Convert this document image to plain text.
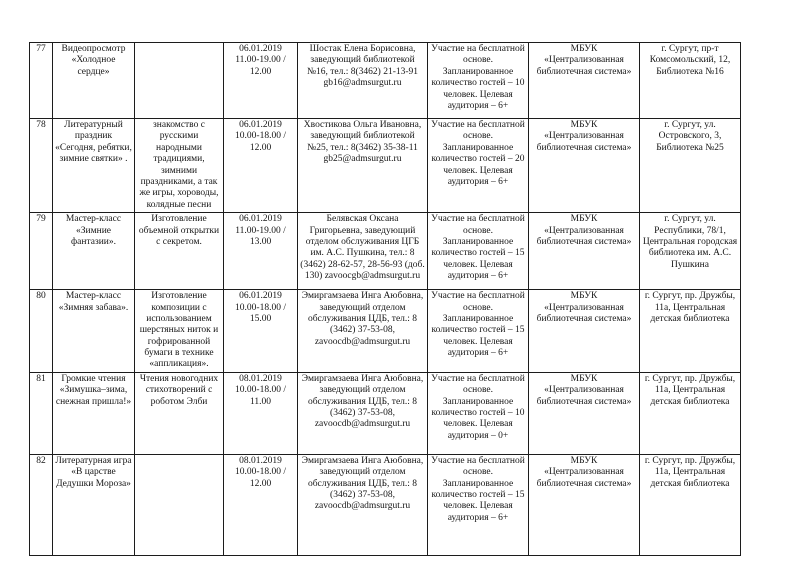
77	Видеопросмотр «Холодное сердце»		06.01.2019 11.00-19.00 / 12.00	Шостак Елена Борисовна, заведующий библиотекой №16, тел.: 8(3462) 21-13-91 gb16@admsurgut.ru	Участие на бесплатной основе. Запланированное количество гостей – 10 человек. Целевая аудитория – 6+	МБУК «Централизованная библиотечная система»	г. Сургут, пр-т Комсомольский, 12, Библиотека №16
78	Литературный праздник «Сегодня, ребятки, зимние святки» .	знакомство с русскими народными традициями, зимними праздниками, а так же игры, хороводы, колядные песни	06.01.2019 10.00-18.00 / 12.00	Хвостикова Ольга Ивановна, заведующий библиотекой №25, тел.: 8(3462) 35-38-11 gb25@admsurgut.ru	Участие на бесплатной основе. Запланированное количество гостей – 20 человек. Целевая аудитория – 6+	МБУК «Централизованная библиотечная система»	г. Сургут, ул. Островского, 3, Библиотека №25
79	Мастер-класс «Зимние фантазии».	Изготовление объемной открытки с секретом.	06.01.2019 11.00-19.00 / 13.00	Белявская Оксана Григорьевна, заведующий отделом обслуживания ЦГБ им. А.С. Пушкина, тел.: 8 (3462) 28-62-57, 28-56-93 (доб. 130) zavoocgb@admsurgut.ru	Участие на бесплатной основе. Запланированное количество гостей – 15 человек. Целевая аудитория – 6+	МБУК «Централизованная библиотечная система»	г. Сургут, ул. Республики, 78/1, Центральная городская библиотека им. А.С. Пушкина
80	Мастер-класс «Зимняя забава».	Изготовление композиции с использованием шерстяных ниток и гофрированной бумаги в технике «аппликация».	06.01.2019 10.00-18.00 / 15.00	Эмиргамзаева Инга Аюбовна, заведующий отделом обслуживания ЦДБ, тел.: 8 (3462) 37-53-08, zavoocdb@admsurgut.ru	Участие на бесплатной основе. Запланированное количество гостей – 15 человек. Целевая аудитория – 6+	МБУК «Централизованная библиотечная система»	г. Сургут, пр. Дружбы, 11а, Центральная детская библиотека
81	Громкие чтения «Зимушка–зима, снежная пришла!»	Чтения новогодних стихотворений с роботом Элби	08.01.2019 10.00-18.00 / 11.00	Эмиргамзаева Инга Аюбовна, заведующий отделом обслуживания ЦДБ, тел.: 8 (3462) 37-53-08, zavoocdb@admsurgut.ru	Участие на бесплатной основе. Запланированное количество гостей – 10 человек. Целевая аудитория – 0+	МБУК «Централизованная библиотечная система»	г. Сургут, пр. Дружбы, 11а, Центральная детская библиотека
82	Литературная игра «В царстве Дедушки Мороза»		08.01.2019 10.00-18.00 / 12.00	Эмиргамзаева Инга Аюбовна, заведующий отделом обслуживания ЦДБ, тел.: 8 (3462) 37-53-08, zavoocdb@admsurgut.ru	Участие на бесплатной основе. Запланированное количество гостей – 15 человек. Целевая аудитория – 6+	МБУК «Централизованная библиотечная система»	г. Сургут, пр. Дружбы, 11а, Центральная детская библиотека
